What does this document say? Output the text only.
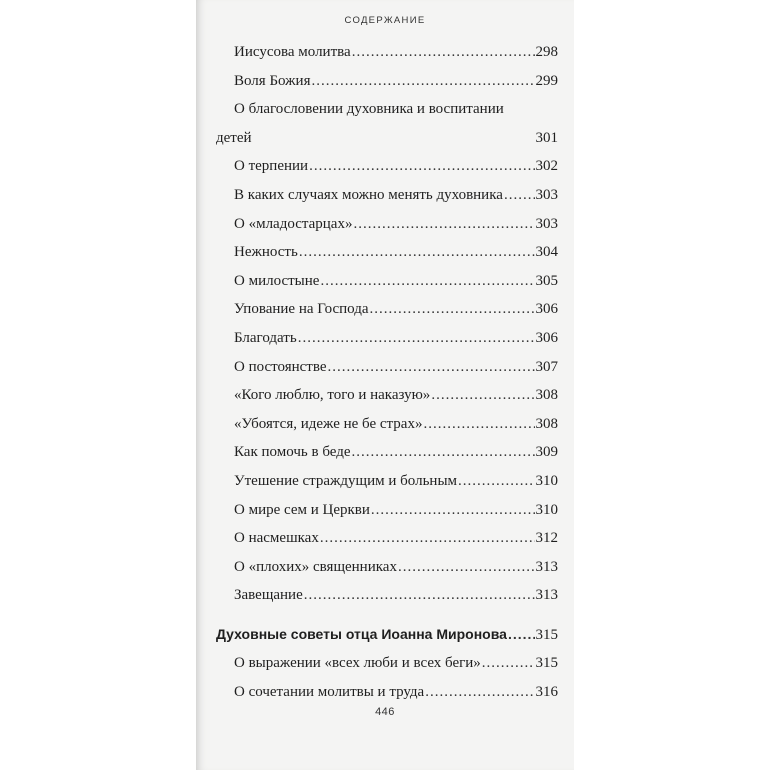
СОДЕРЖАНИЕ
Иисусова молитва .....	298
Воля Божия .....	299
О благословении духовника и воспитании
детей	301
О терпении .....	302
В каких случаях можно менять духовника ..... 303
О «младостарцах» .....	303
Нежность .....	304
О милостыне .....	305
Упование на Господа .....	306
Благодать .....	306
О постоянстве .....	307
«Кого люблю, того и наказую» .....	308
«Убоятся, идеже не бе страх» .....	308
Как помочь в беде .....	309
Утешение страждущим и больным .....	310
О мире сем и Церкви .....	310
О насмешках .....	312
О «плохих» священниках .....	313
Завещание .....	313
Духовные советы отца Иоанна Миронова ..... 315
О выражении «всех люби и всех беги» .....	315
О сочетании молитвы и труда .....	316
446
